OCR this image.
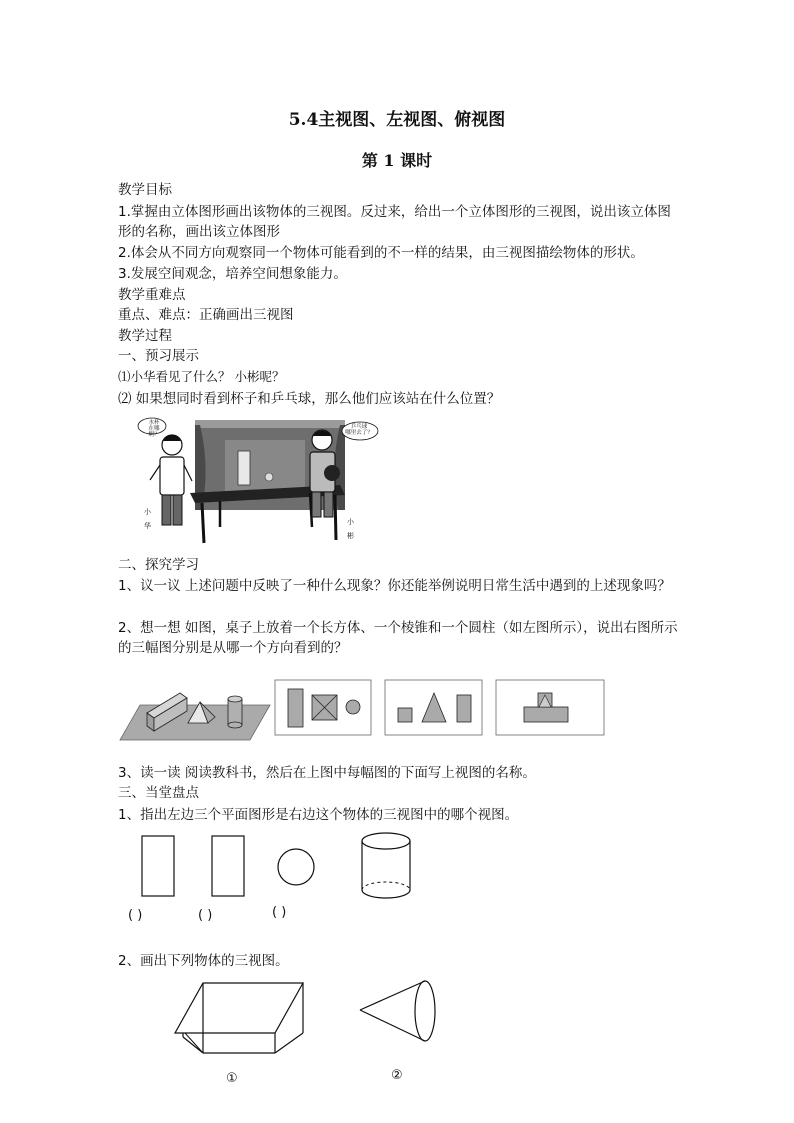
5.4主视图、左视图、俯视图
第 1 课时
教学目标
1.掌握由立体图形画出该物体的三视图。反过来，给出一个立体图形的三视图，说出该立体图形的名称，画出该立体图形
2.体会从不同方向观察同一个物体可能看到的不一样的结果，由三视图描绘物体的形状。
3.发展空间观念，培养空间想象能力。
教学重难点
重点、难点：正确画出三视图
教学过程
一、预习展示
⑴小华看见了什么？ 小彬呢？
⑵ 如果想同时看到杯子和乒乓球，那么他们应该站在什么位置？
水杯
在哪啊？
乒乓球
哪里去了？
小
华	小
彬
二、探究学习
1、议一议 上述问题中反映了一种什么现象？你还能举例说明日常生活中遇到的上述现象吗？
2、想一想 如图，桌子上放着一个长方体、一个棱锥和一个圆柱（如左图所示），说出右图所示的三幅图分别是从哪一个方向看到的？
3、读一读 阅读教科书，然后在上图中每幅图的下面写上视图的名称。
三、当堂盘点
1、指出左边三个平面图形是右边这个物体的三视图中的哪个视图。
( )	( )	( )
2、画出下列物体的三视图。
①	②
